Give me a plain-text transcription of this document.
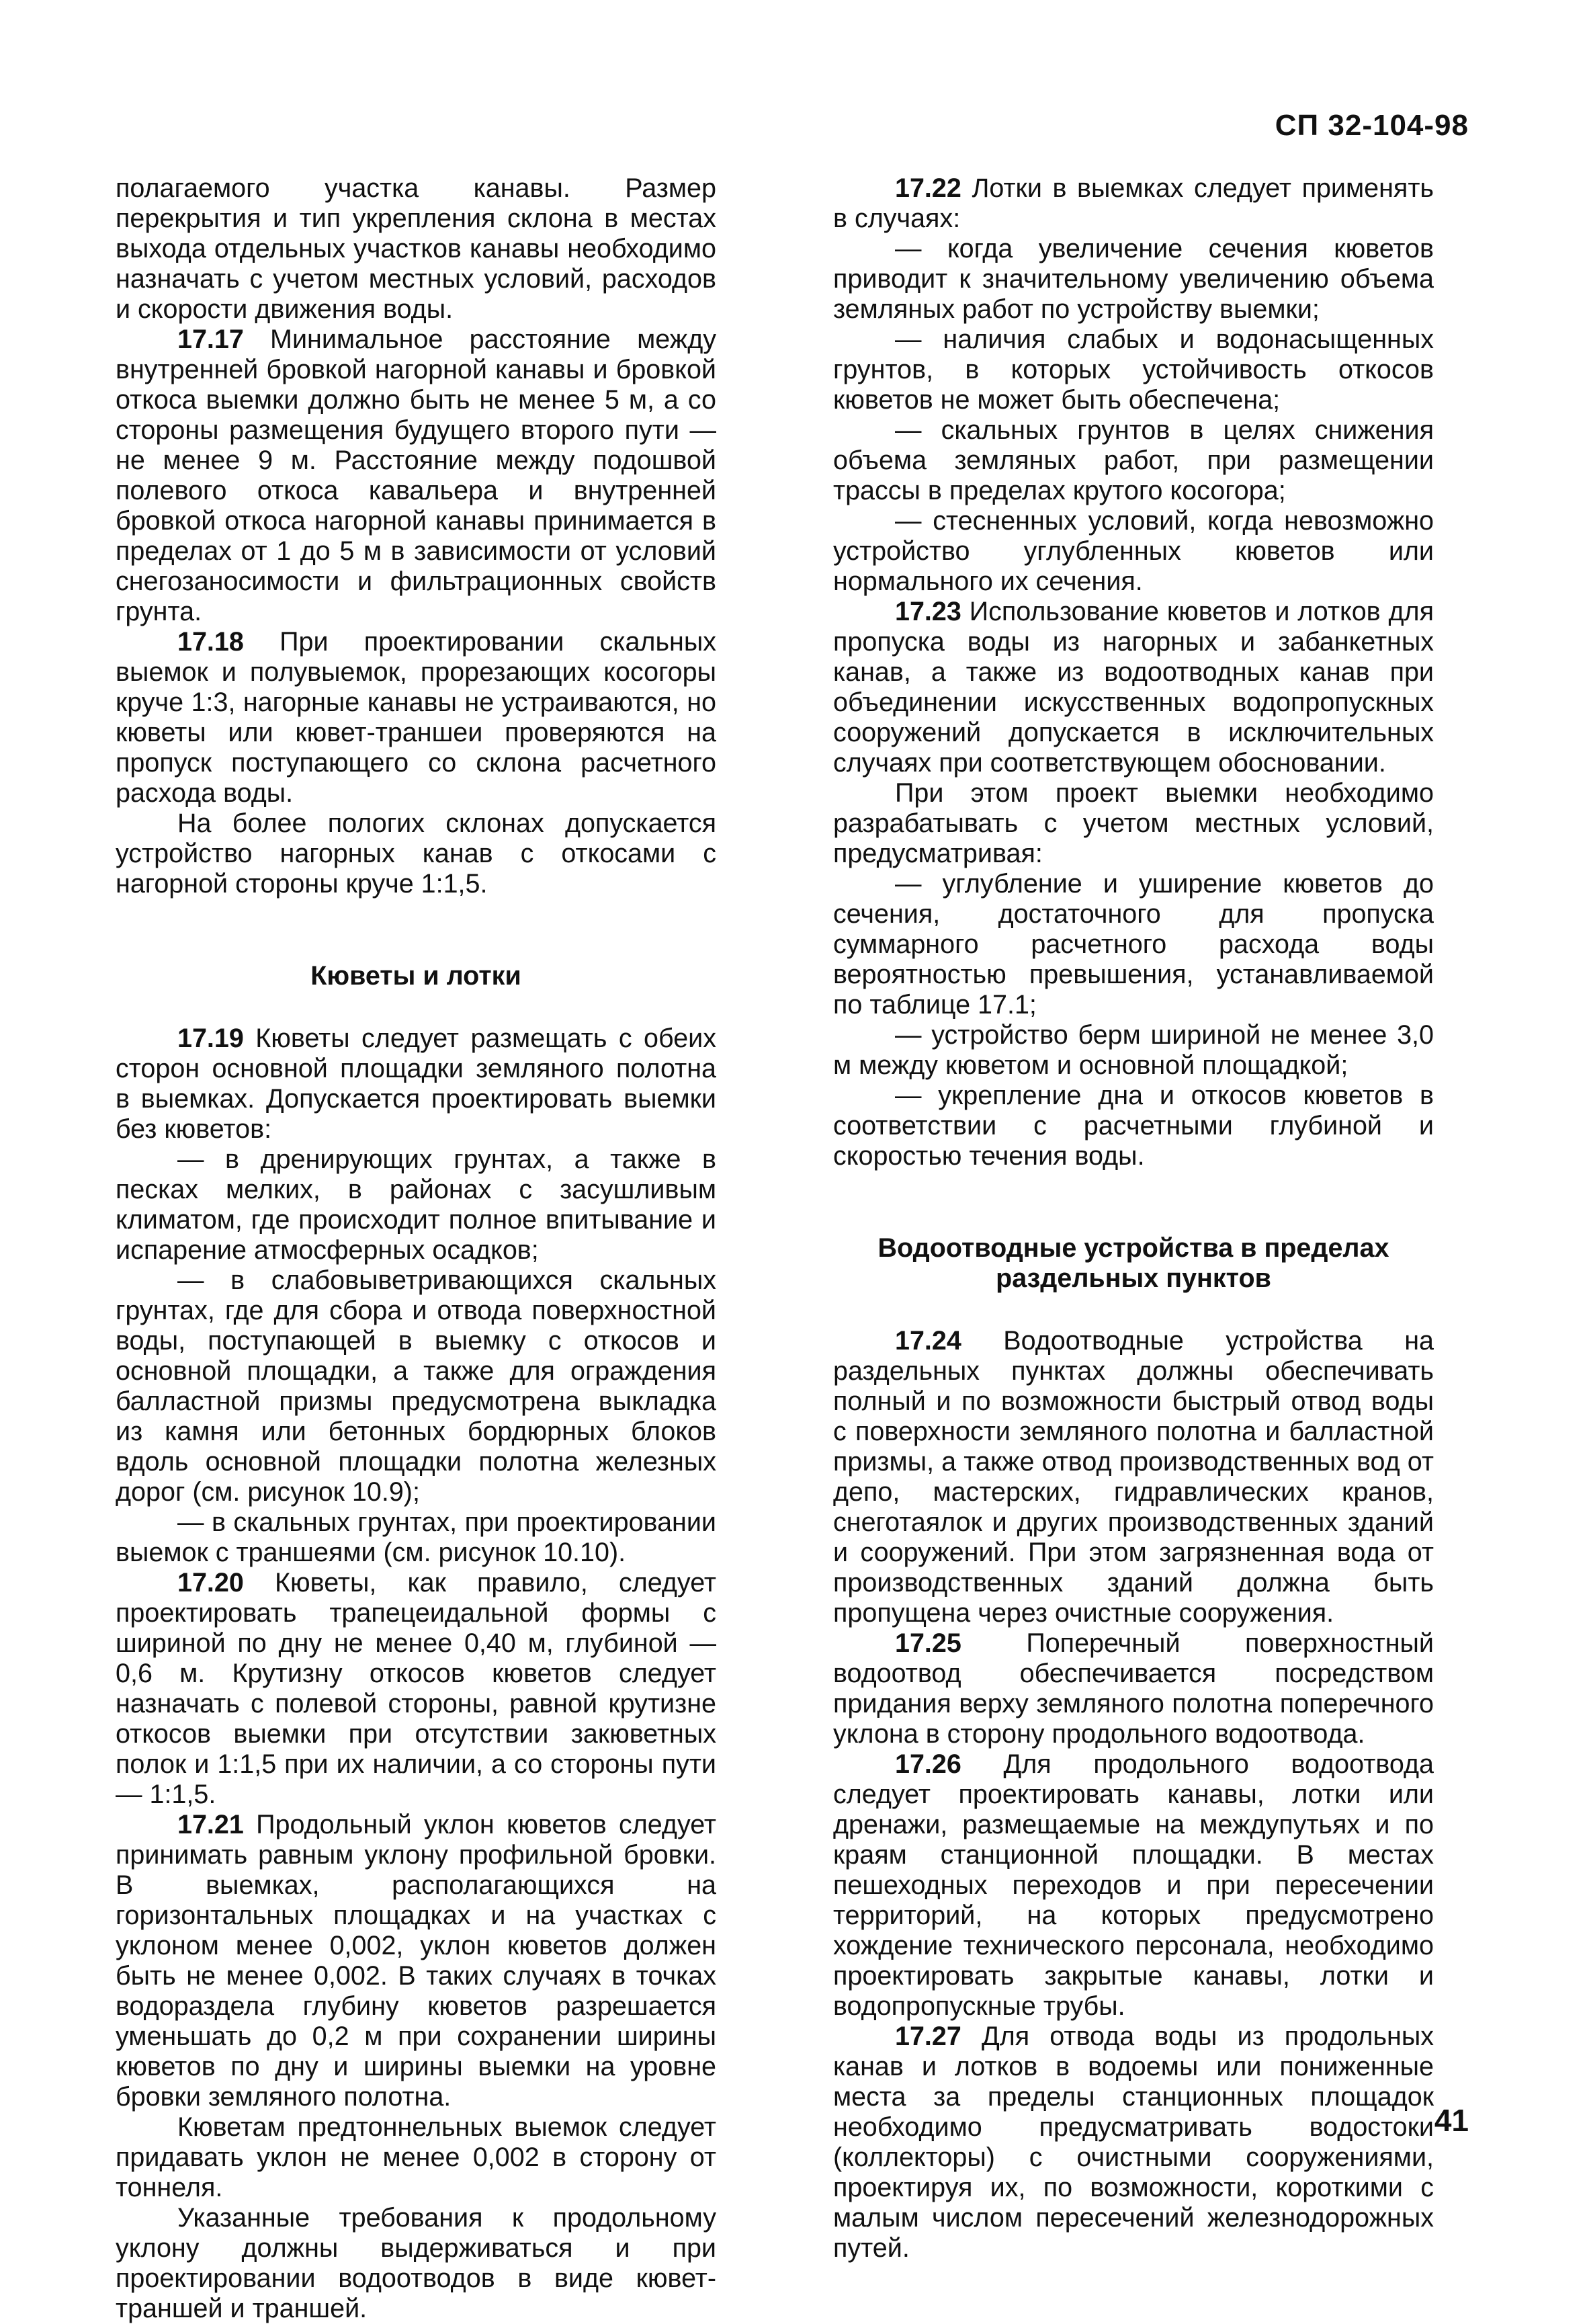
СП 32-104-98

полагаемого участка канавы. Размер перекрытия и тип укрепления склона в местах выхода отдельных участков канавы необходимо назначать с учетом местных условий, расходов и скорости движения воды.

17.17 Минимальное расстояние между внутренней бровкой нагорной канавы и бровкой откоса выемки должно быть не менее 5 м, а со стороны размещения будущего второго пути — не менее 9 м. Расстояние между подошвой полевого откоса кавальера и внутренней бровкой откоса нагорной канавы принимается в пределах от 1 до 5 м в зависимости от условий снегозаносимости и фильтрационных свойств грунта.

17.18 При проектировании скальных выемок и полувыемок, прорезающих косогоры круче 1:3, нагорные канавы не устраиваются, но кюветы или кювет-траншеи проверяются на пропуск поступающего со склона расчетного расхода воды.

На более пологих склонах допускается устройство нагорных канав с откосами с нагорной стороны круче 1:1,5.

Кюветы и лотки

17.19 Кюветы следует размещать с обеих сторон основной площадки земляного полотна в выемках. Допускается проектировать выемки без кюветов:

— в дренирующих грунтах, а также в песках мелких, в районах с засушливым климатом, где происходит полное впитывание и испарение атмосферных осадков;

— в слабовыветривающихся скальных грунтах, где для сбора и отвода поверхностной воды, поступающей в выемку с откосов и основной площадки, а также для ограждения балластной призмы предусмотрена выкладка из камня или бетонных бордюрных блоков вдоль основной площадки полотна железных дорог (см. рисунок 10.9);

— в скальных грунтах, при проектировании выемок с траншеями (см. рисунок 10.10).

17.20 Кюветы, как правило, следует проектировать трапецеидальной формы с шириной по дну не менее 0,40 м, глубиной — 0,6 м. Крутизну откосов кюветов следует назначать с полевой стороны, равной крутизне откосов выемки при отсутствии закюветных полок и 1:1,5 при их наличии, а со стороны пути — 1:1,5.

17.21 Продольный уклон кюветов следует принимать равным уклону профильной бровки. В выемках, располагающихся на горизонтальных площадках и на участках с уклоном менее 0,002, уклон кюветов должен быть не менее 0,002. В таких случаях в точках водораздела глубину кюветов разрешается уменьшать до 0,2 м при сохранении ширины кюветов по дну и ширины выемки на уровне бровки земляного полотна.

Кюветам предтоннельных выемок следует придавать уклон не менее 0,002 в сторону от тоннеля.

Указанные требования к продольному уклону должны выдерживаться и при проектировании водоотводов в виде кювет-траншей и траншей.

17.22 Лотки в выемках следует применять в случаях:

— когда увеличение сечения кюветов приводит к значительному увеличению объема земляных работ по устройству выемки;

— наличия слабых и водонасыщенных грунтов, в которых устойчивость откосов кюветов не может быть обеспечена;

— скальных грунтов в целях снижения объема земляных работ, при размещении трассы в пределах крутого косогора;

— стесненных условий, когда невозможно устройство углубленных кюветов или нормального их сечения.

17.23 Использование кюветов и лотков для пропуска воды из нагорных и забанкетных канав, а также из водоотводных канав при объединении искусственных водопропускных сооружений допускается в исключительных случаях при соответствующем обосновании.

При этом проект выемки необходимо разрабатывать с учетом местных условий, предусматривая:

— углубление и уширение кюветов до сечения, достаточного для пропуска суммарного расчетного расхода воды вероятностью превышения, устанавливаемой по таблице 17.1;

— устройство берм шириной не менее 3,0 м между кюветом и основной площадкой;

— укрепление дна и откосов кюветов в соответствии с расчетными глубиной и скоростью течения воды.

Водоотводные устройства в пределах раздельных пунктов

17.24 Водоотводные устройства на раздельных пунктах должны обеспечивать полный и по возможности быстрый отвод воды с поверхности земляного полотна и балластной призмы, а также отвод производственных вод от депо, мастерских, гидравлических кранов, снеготаялок и других производственных зданий и сооружений. При этом загрязненная вода от производственных зданий должна быть пропущена через очистные сооружения.

17.25 Поперечный поверхностный водоотвод обеспечивается посредством придания верху земляного полотна поперечного уклона в сторону продольного водоотвода.

17.26 Для продольного водоотвода следует проектировать канавы, лотки или дренажи, размещаемые на междупутьях и по краям станционной площадки. В местах пешеходных переходов и при пересечении территорий, на которых предусмотрено хождение технического персонала, необходимо проектировать закрытые канавы, лотки и водопропускные трубы.

17.27 Для отвода воды из продольных канав и лотков в водоемы или пониженные места за пределы станционных площадок необходимо предусматривать водостоки (коллекторы) с очистными сооружениями, проектируя их, по возможности, короткими с малым числом пересечений железнодорожных путей.

41
